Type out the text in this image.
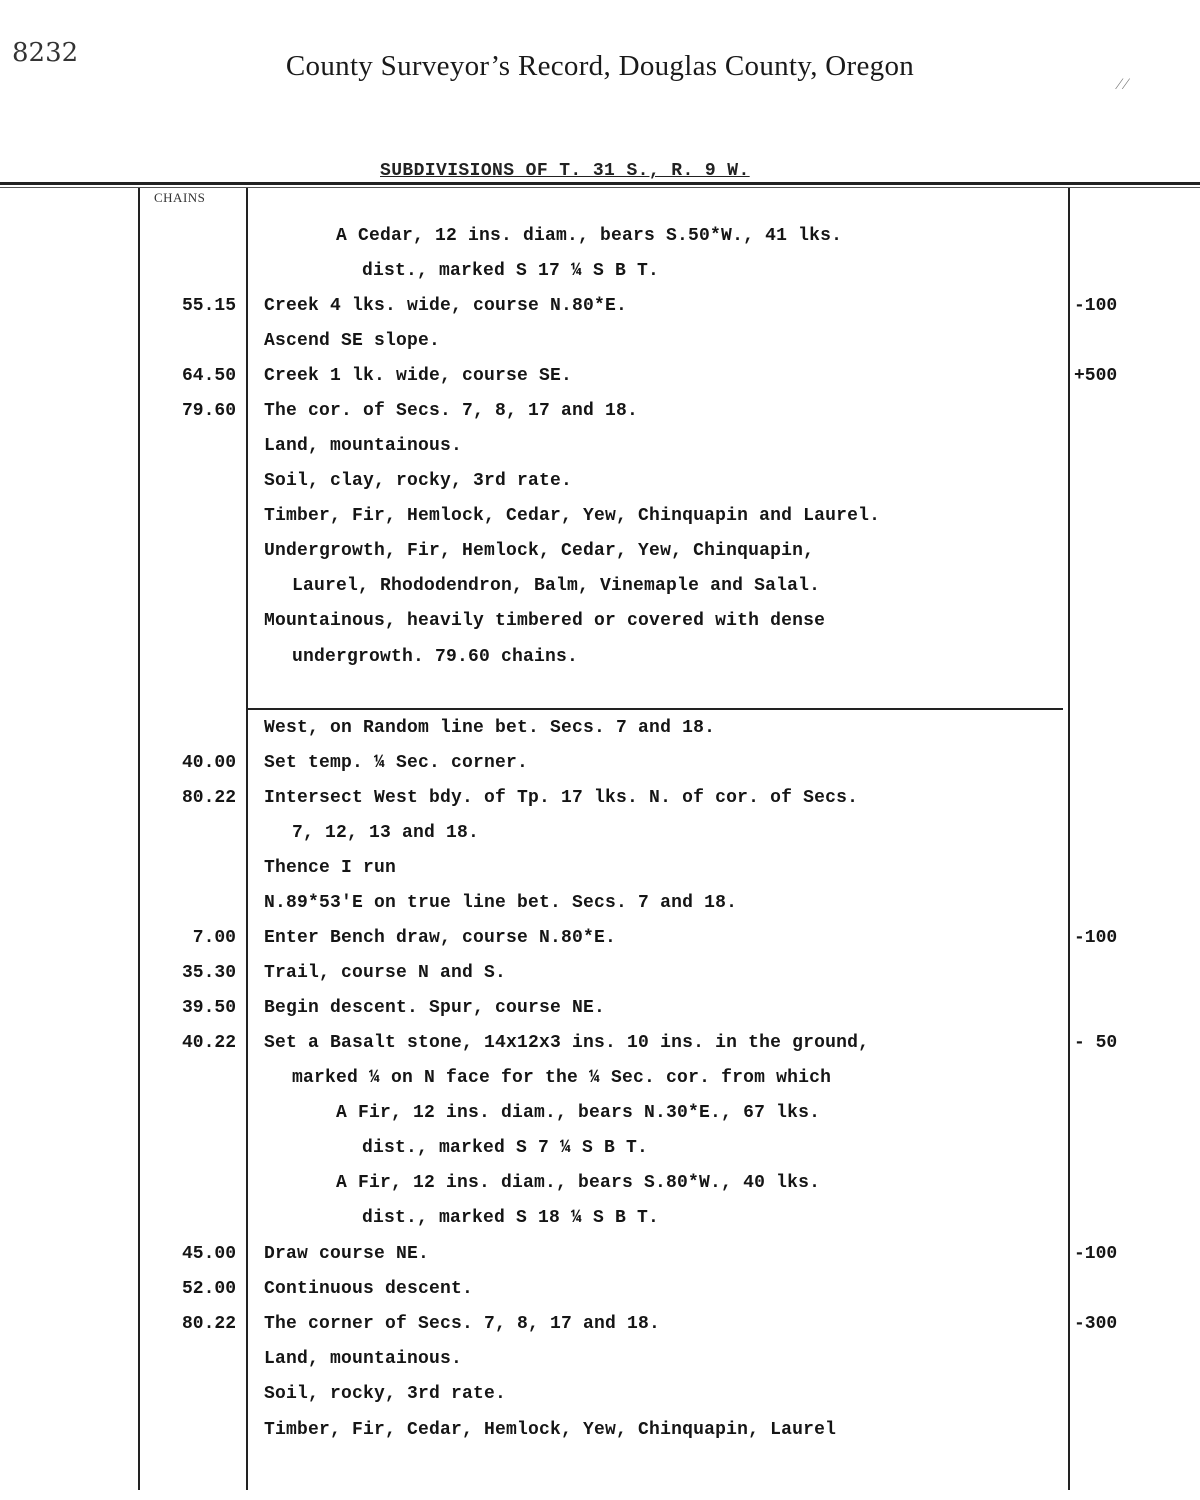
8232	County Surveyor’s Record, Douglas County, Oregon
⁄ ⁄
SUBDIVISIONS OF T. 31 S., R. 9 W.
CHAINS
A Cedar, 12 ins. diam., bears S.50*W., 41 lks.
dist., marked S 17 ¼ S B T.
55.15 Creek 4 lks. wide, course N.80*E.	-100
Ascend SE slope.
64.50 Creek 1 lk. wide, course SE.	+500
79.60 The cor. of Secs. 7, 8, 17 and 18.
Land, mountainous.
Soil, clay, rocky, 3rd rate.
Timber, Fir, Hemlock, Cedar, Yew, Chinquapin and Laurel.
Undergrowth, Fir, Hemlock, Cedar, Yew, Chinquapin,
Laurel, Rhododendron, Balm, Vinemaple and Salal.
Mountainous, heavily timbered or covered with dense
undergrowth. 79.60 chains.
West, on Random line bet. Secs. 7 and 18.
40.00 Set temp. ¼ Sec. corner.
80.22 Intersect West bdy. of Tp. 17 lks. N. of cor. of Secs.
7, 12, 13 and 18.
Thence I run
N.89*53'E on true line bet. Secs. 7 and 18.
7.00 Enter Bench draw, course N.80*E.	-100
35.30 Trail, course N and S.
39.50 Begin descent. Spur, course NE.
40.22 Set a Basalt stone, 14x12x3 ins. 10 ins. in the ground,	- 50
marked ¼ on N face for the ¼ Sec. cor. from which
A Fir, 12 ins. diam., bears N.30*E., 67 lks.
dist., marked S 7 ¼ S B T.
A Fir, 12 ins. diam., bears S.80*W., 40 lks.
dist., marked S 18 ¼ S B T.
45.00 Draw course NE.	-100
52.00 Continuous descent.
80.22 The corner of Secs. 7, 8, 17 and 18.	-300
Land, mountainous.
Soil, rocky, 3rd rate.
Timber, Fir, Cedar, Hemlock, Yew, Chinquapin, Laurel
